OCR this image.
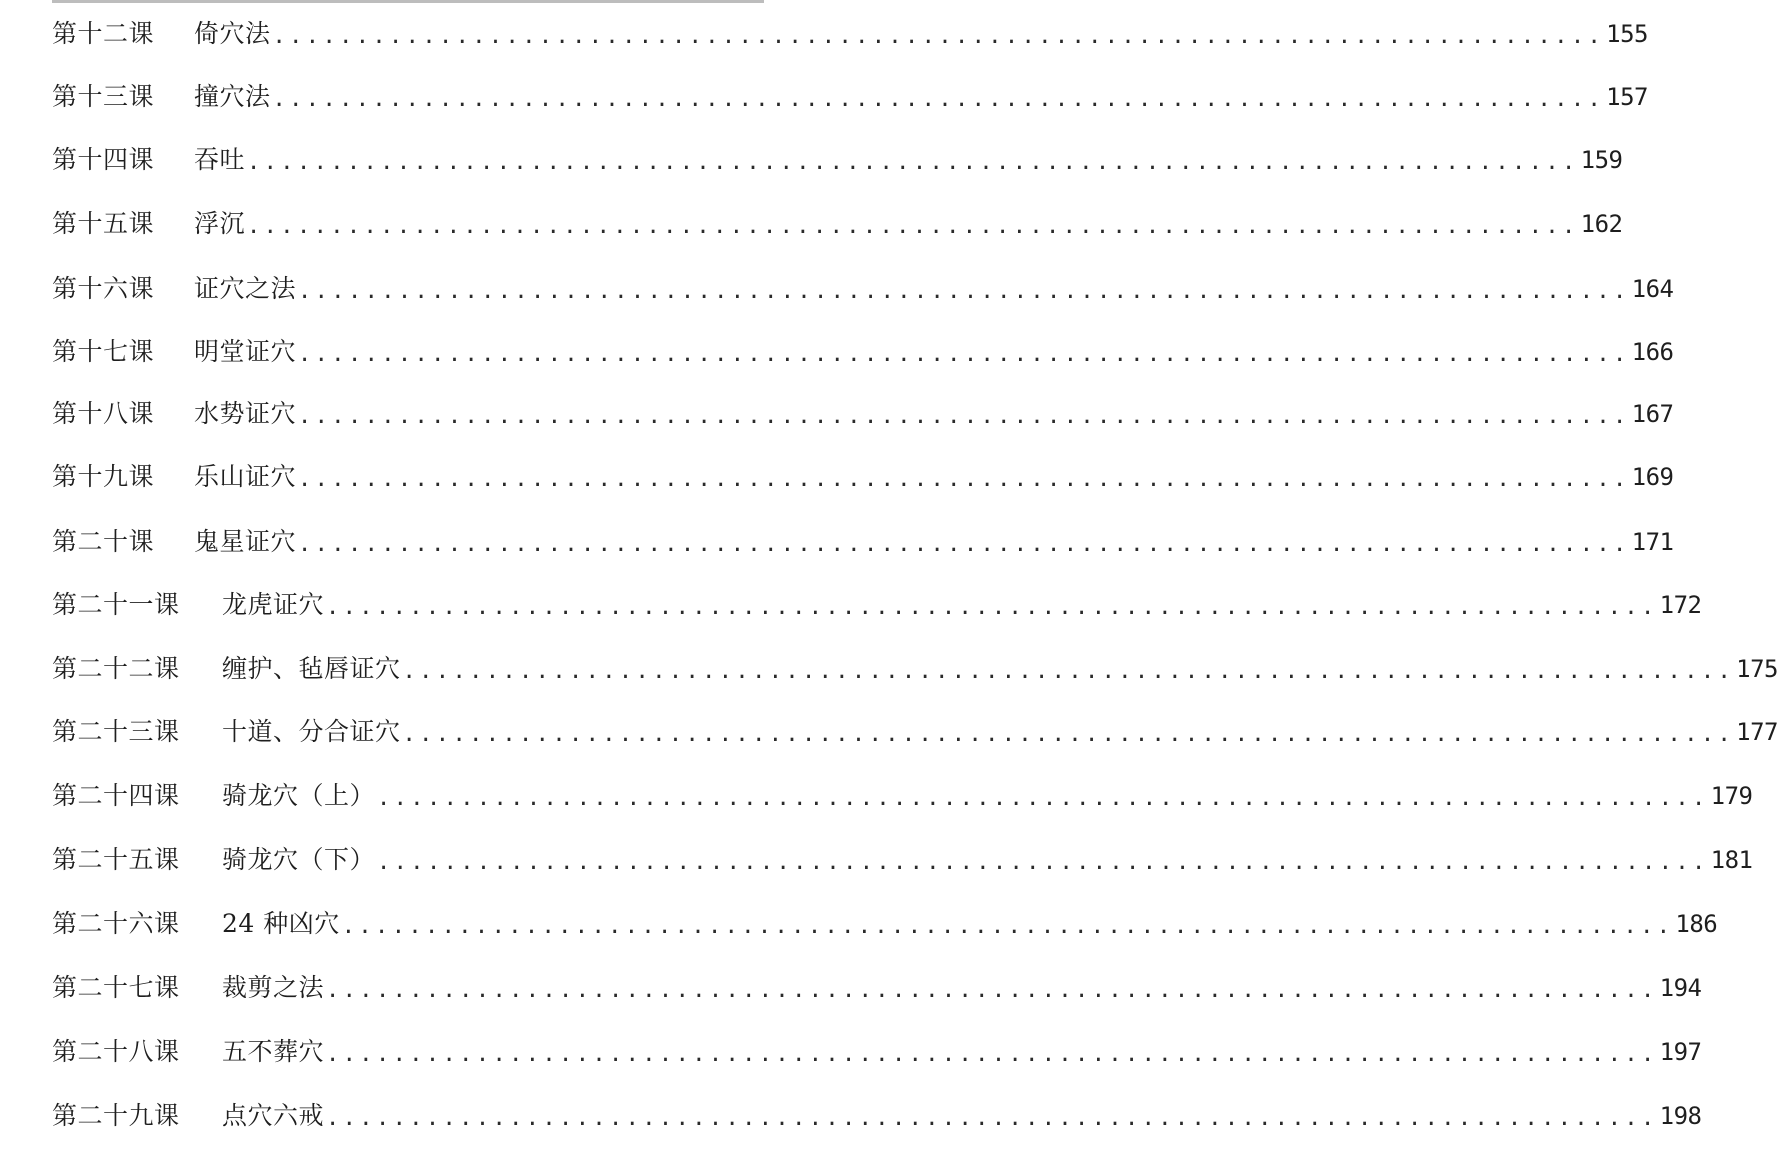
第十二课	倚穴法 ................................................................................ 155
第十三课	撞穴法 ................................................................................ 157
第十四课	吞吐 ................................................................................ 159
第十五课	浮沉 ................................................................................ 162
第十六课	证穴之法 ................................................................................ 164
第十七课	明堂证穴 ................................................................................ 166
第十八课	水势证穴 ................................................................................ 167
第十九课	乐山证穴 ................................................................................ 169
第二十课	鬼星证穴 ................................................................................ 171
第二十一课	龙虎证穴 ................................................................................ 172
第二十二课	缠护、毡唇证穴 ................................................................................ 175
第二十三课	十道、分合证穴 ................................................................................ 177
第二十四课	骑龙穴（上） ................................................................................ 179
第二十五课	骑龙穴（下） ................................................................................ 181
第二十六课	24 种凶穴 ................................................................................ 186
第二十七课	裁剪之法 ................................................................................ 194
第二十八课	五不葬穴 ................................................................................ 197
第二十九课	点穴六戒 ................................................................................ 198
